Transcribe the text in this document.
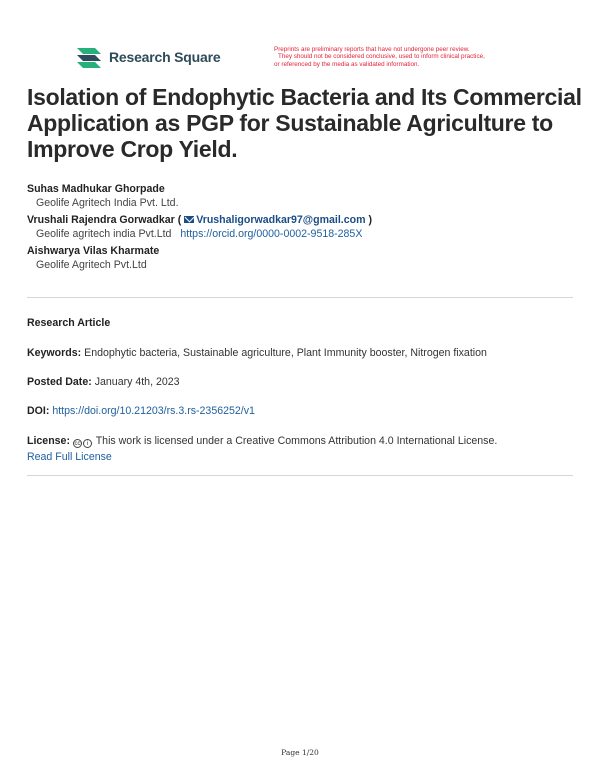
Research Square	Preprints are preliminary reports that have not undergone peer review.
They should not be considered conclusive, used to inform clinical practice,
or referenced by the media as validated information.
Isolation of Endophytic Bacteria and Its Commercial Application as PGP for Sustainable Agriculture to Improve Crop Yield.
Suhas Madhukar Ghorpade
Geolife Agritech India Pvt. Ltd.
Vrushali Rajendra Gorwadkar ( Vrushaligorwadkar97@gmail.com )
Geolife agritech india Pvt.Ltd https://orcid.org/0000-0002-9518-285X
Aishwarya Vilas Kharmate
Geolife Agritech Pvt.Ltd
Research Article
Keywords: Endophytic bacteria, Sustainable agriculture, Plant Immunity booster, Nitrogen fixation
Posted Date: January 4th, 2023
DOI: https://doi.org/10.21203/rs.3.rs-2356252/v1
License: cc i This work is licensed under a Creative Commons Attribution 4.0 International License.
Read Full License
Page 1/20
